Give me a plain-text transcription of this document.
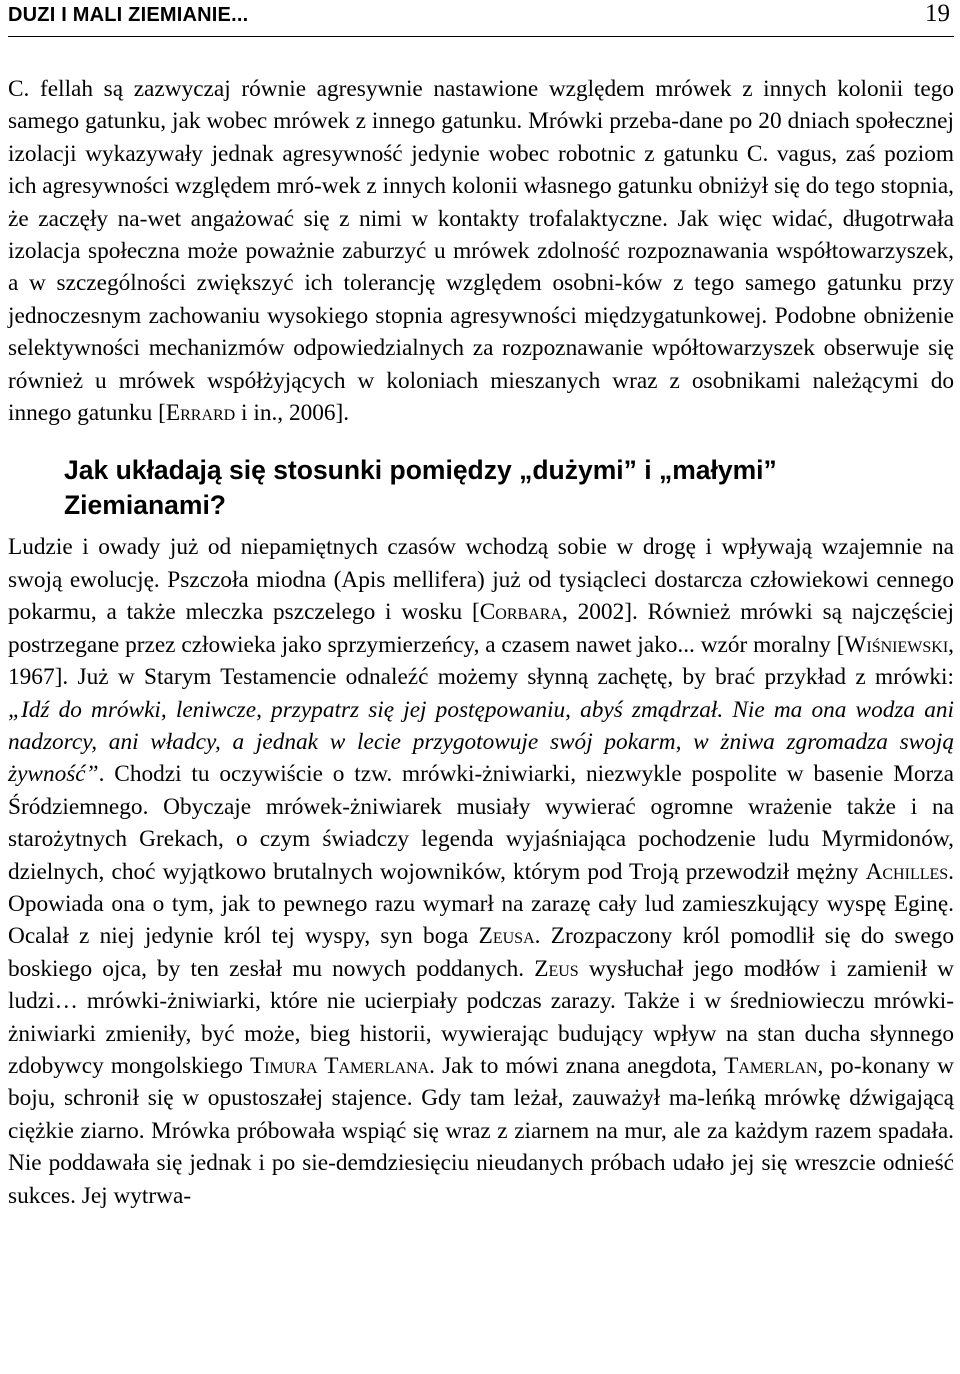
DUZI I MALI ZIEMIANIE...	19

C. fellah są zazwyczaj równie agresywnie nastawione względem mrówek z innych kolonii tego samego gatunku, jak wobec mrówek z innego gatunku. Mrówki przeba-dane po 20 dniach społecznej izolacji wykazywały jednak agresywność jedynie wobec robotnic z gatunku C. vagus, zaś poziom ich agresywności względem mró-wek z innych kolonii własnego gatunku obniżył się do tego stopnia, że zaczęły na-wet angażować się z nimi w kontakty trofalaktyczne. Jak więc widać, długotrwała izolacja społeczna może poważnie zaburzyć u mrówek zdolność rozpoznawania współtowarzyszek, a w szczególności zwiększyć ich tolerancję względem osobni-ków z tego samego gatunku przy jednoczesnym zachowaniu wysokiego stopnia agresywności międzygatunkowej. Podobne obniżenie selektywności mechanizmów odpowiedzialnych za rozpoznawanie wpółtowarzyszek obserwuje się również u mrówek współżyjących w koloniach mieszanych wraz z osobnikami należącymi do innego gatunku [Errard i in., 2006].

Jak układają się stosunki pomiędzy „dużymi” i „małymi” Ziemianami?

Ludzie i owady już od niepamiętnych czasów wchodzą sobie w drogę i wpływają wzajemnie na swoją ewolucję. Pszczoła miodna (Apis mellifera) już od tysiącleci dostarcza człowiekowi cennego pokarmu, a także mleczka pszczelego i wosku [Corbara, 2002]. Również mrówki są najczęściej postrzegane przez człowieka jako sprzymierzeńcy, a czasem nawet jako... wzór moralny [Wiśniewski, 1967]. Już w Starym Testamencie odnaleźć możemy słynną zachętę, by brać przykład z mrówki: „Idź do mrówki, leniwcze, przypatrz się jej postępowaniu, abyś zmądrzał. Nie ma ona wodza ani nadzorcy, ani władcy, a jednak w lecie przygotowuje swój pokarm, w żniwa zgromadza swoją żywność”. Chodzi tu oczywiście o tzw. mrówki-żniwiarki, niezwykle pospolite w basenie Morza Śródziemnego. Obyczaje mrówek-żniwiarek musiały wywierać ogromne wrażenie także i na starożytnych Grekach, o czym świadczy legenda wyjaśniająca pochodzenie ludu Myrmidonów, dzielnych, choć wyjątkowo brutalnych wojowników, którym pod Troją przewodził mężny Achilles. Opowiada ona o tym, jak to pewnego razu wymarł na zarazę cały lud zamieszkujący wyspę Eginę. Ocalał z niej jedynie król tej wyspy, syn boga Zeusa. Zrozpaczony król pomodlił się do swego boskiego ojca, by ten zesłał mu nowych poddanych. Zeus wysłuchał jego modłów i zamienił w ludzi… mrówki-żniwiarki, które nie ucierpiały podczas zarazy. Także i w średniowieczu mrówki-żniwiarki zmieniły, być może, bieg historii, wywierając budujący wpływ na stan ducha słynnego zdobywcy mongolskiego Timura Tamerlana. Jak to mówi znana anegdota, Tamerlan, po-konany w boju, schronił się w opustoszałej stajence. Gdy tam leżał, zauważył ma-leńką mrówkę dźwigającą ciężkie ziarno. Mrówka próbowała wspiąć się wraz z ziarnem na mur, ale za każdym razem spadała. Nie poddawała się jednak i po sie-demdziesięciu nieudanych próbach udało jej się wreszcie odnieść sukces. Jej wytrwa-
